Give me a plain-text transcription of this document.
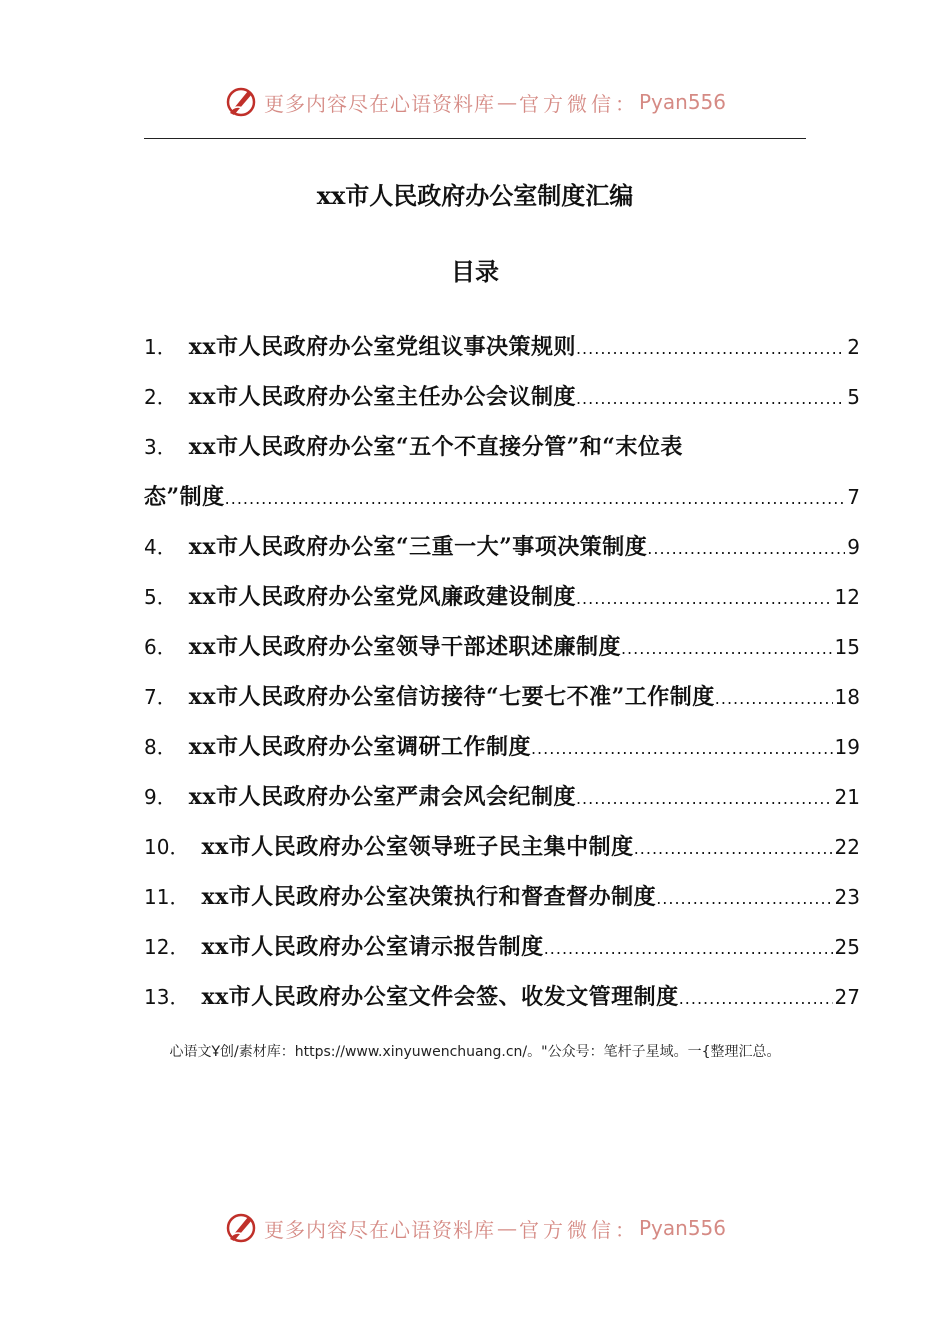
更多内容尽在心语资料库 — 官方微信： Pyan556
xx市人民政府办公室制度汇编
目录
1． xx市人民政府办公室党组议事决策规则 .....	2
2． xx市人民政府办公室主任办公会议制度 .....	5
3． xx市人民政府办公室“五个不直接分管”和“末位表
态”制度 .....	7
4． xx市人民政府办公室“三重一大”事项决策制度 .....	9
5． xx市人民政府办公室党风廉政建设制度 .....	12
6． xx市人民政府办公室领导干部述职述廉制度 .....	15
7． xx市人民政府办公室信访接待“七要七不准”工作制度 .....	18
8． xx市人民政府办公室调研工作制度 .....	19
9． xx市人民政府办公室严肃会风会纪制度 .....	21
10． xx市人民政府办公室领导班子民主集中制度 .....	22
11． xx市人民政府办公室决策执行和督查督办制度 .....	23
12． xx市人民政府办公室请示报告制度 .....	25
13． xx市人民政府办公室文件会签、收发文管理制度 .....	27
心语文Ұ创/素材库：https://www.xinyuwenchuang.cn/。"公众号：笔杆子星域。一{整理汇总。
更多内容尽在心语资料库 — 官方微信： Pyan556
